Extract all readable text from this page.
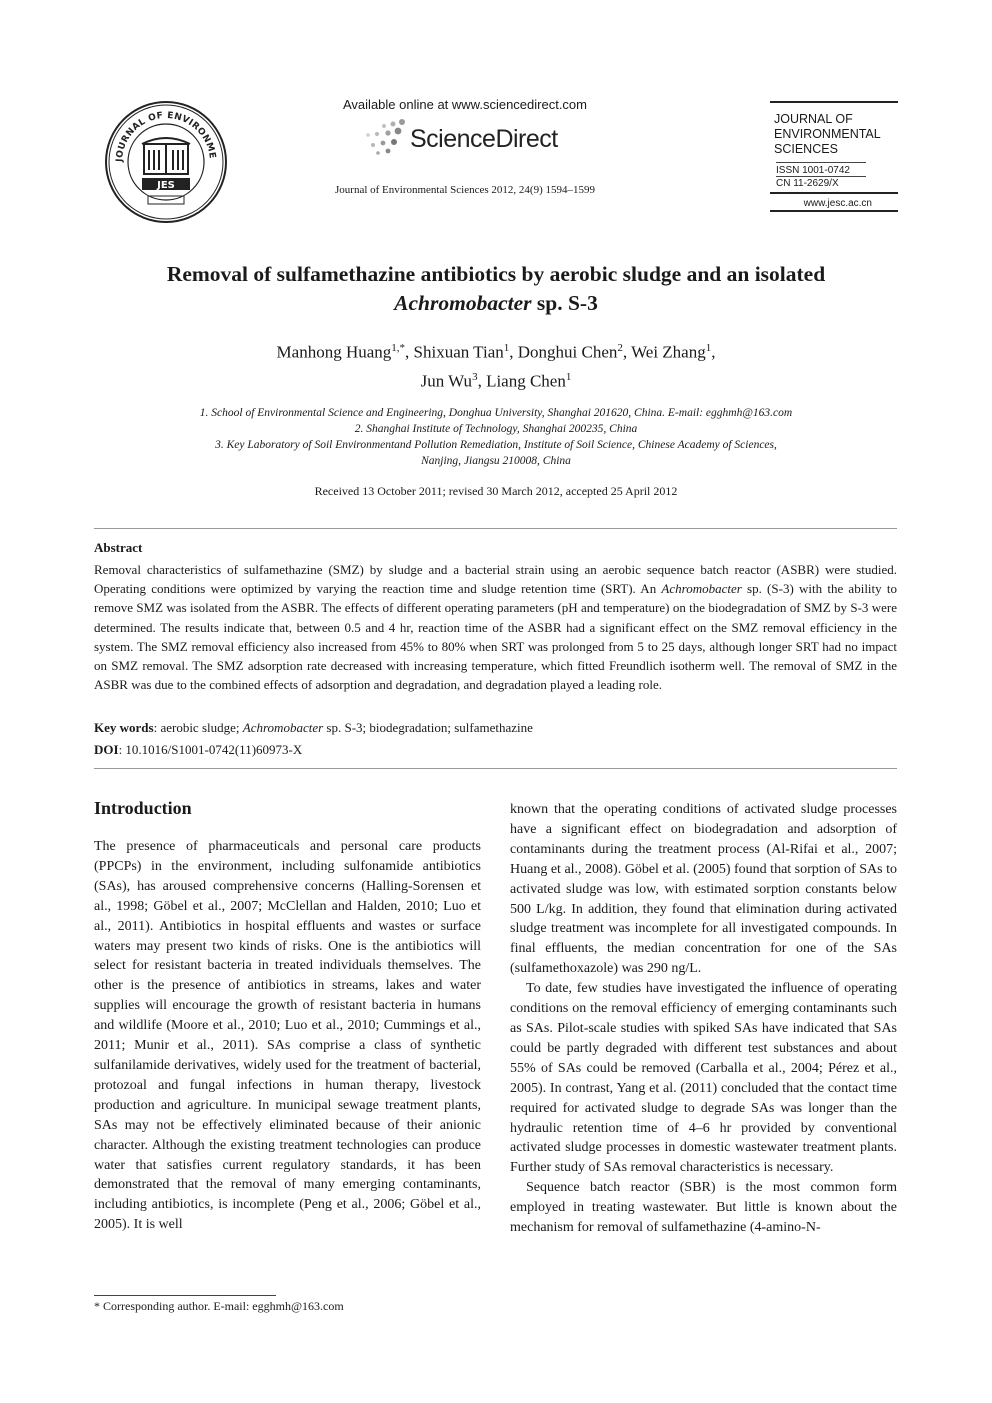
JOURNAL OF ENVIRONME
JES
Available online at www.sciencedirect.com
ScienceDirect
Journal of Environmental Sciences 2012, 24(9) 1594–1599
JOURNAL OF
ENVIRONMENTAL
SCIENCES
ISSN 1001-0742
CN 11-2629/X
www.jesc.ac.cn
Removal of sulfamethazine antibiotics by aerobic sludge and an isolated
Achromobacter sp. S-3
Manhong Huang$^{1,*}$, Shixuan Tian$^1$, Donghui Chen$^2$, Wei Zhang$^1$,
Jun Wu$^3$, Liang Chen$^1$
1. School of Environmental Science and Engineering, Donghua University, Shanghai 201620, China. E-mail: egghmh@163.com
2. Shanghai Institute of Technology, Shanghai 200235, China
3. Key Laboratory of Soil Environmentand Pollution Remediation, Institute of Soil Science, Chinese Academy of Sciences,
Nanjing, Jiangsu 210008, China
Received 13 October 2011; revised 30 March 2012, accepted 25 April 2012
Abstract
Removal characteristics of sulfamethazine (SMZ) by sludge and a bacterial strain using an aerobic sequence batch reactor (ASBR) were studied. Operating conditions were optimized by varying the reaction time and sludge retention time (SRT). An Achromobacter sp. (S-3) with the ability to remove SMZ was isolated from the ASBR. The effects of different operating parameters (pH and temperature) on the biodegradation of SMZ by S-3 were determined. The results indicate that, between 0.5 and 4 hr, reaction time of the ASBR had a significant effect on the SMZ removal efficiency in the system. The SMZ removal efficiency also increased from 45% to 80% when SRT was prolonged from 5 to 25 days, although longer SRT had no impact on SMZ removal. The SMZ adsorption rate decreased with increasing temperature, which fitted Freundlich isotherm well. The removal of SMZ in the ASBR was due to the combined effects of adsorption and degradation, and degradation played a leading role.
Key words: aerobic sludge; Achromobacter sp. S-3; biodegradation; sulfamethazine
DOI: 10.1016/S1001-0742(11)60973-X
Introduction

The presence of pharmaceuticals and personal care products (PPCPs) in the environment, including sulfonamide antibiotics (SAs), has aroused comprehensive concerns (Halling-Sorensen et al., 1998; Göbel et al., 2007; McClellan and Halden, 2010; Luo et al., 2011). Antibiotics in hospital effluents and wastes or surface waters may present two kinds of risks. One is the antibiotics will select for resistant bacteria in treated individuals themselves. The other is the presence of antibiotics in streams, lakes and water supplies will encourage the growth of resistant bacteria in humans and wildlife (Moore et al., 2010; Luo et al., 2010; Cummings et al., 2011; Munir et al., 2011). SAs comprise a class of synthetic sulfanilamide derivatives, widely used for the treatment of bacterial, protozoal and fungal infections in human therapy, livestock production and agriculture. In municipal sewage treatment plants, SAs may not be effectively eliminated because of their anionic character. Although the existing treatment technologies can produce water that satisfies current regulatory standards, it has been demonstrated that the removal of many emerging contaminants, including antibiotics, is incomplete (Peng et al., 2006; Göbel et al., 2005). It is well

known that the operating conditions of activated sludge processes have a significant effect on biodegradation and adsorption of contaminants during the treatment process (Al-Rifai et al., 2007; Huang et al., 2008). Göbel et al. (2005) found that sorption of SAs to activated sludge was low, with estimated sorption constants below 500 L/kg. In addition, they found that elimination during activated sludge treatment was incomplete for all investigated compounds. In final effluents, the median concentration for one of the SAs (sulfamethoxazole) was 290 ng/L.

To date, few studies have investigated the influence of operating conditions on the removal efficiency of emerging contaminants such as SAs. Pilot-scale studies with spiked SAs have indicated that SAs could be partly degraded with different test substances and about 55% of SAs could be removed (Carballa et al., 2004; Pérez et al., 2005). In contrast, Yang et al. (2011) concluded that the contact time required for activated sludge to degrade SAs was longer than the hydraulic retention time of 4–6 hr provided by conventional activated sludge processes in domestic wastewater treatment plants. Further study of SAs removal characteristics is necessary.

Sequence batch reactor (SBR) is the most common form employed in treating wastewater. But little is known about the mechanism for removal of sulfamethazine (4-amino-N-

* Corresponding author. E-mail: egghmh@163.com
